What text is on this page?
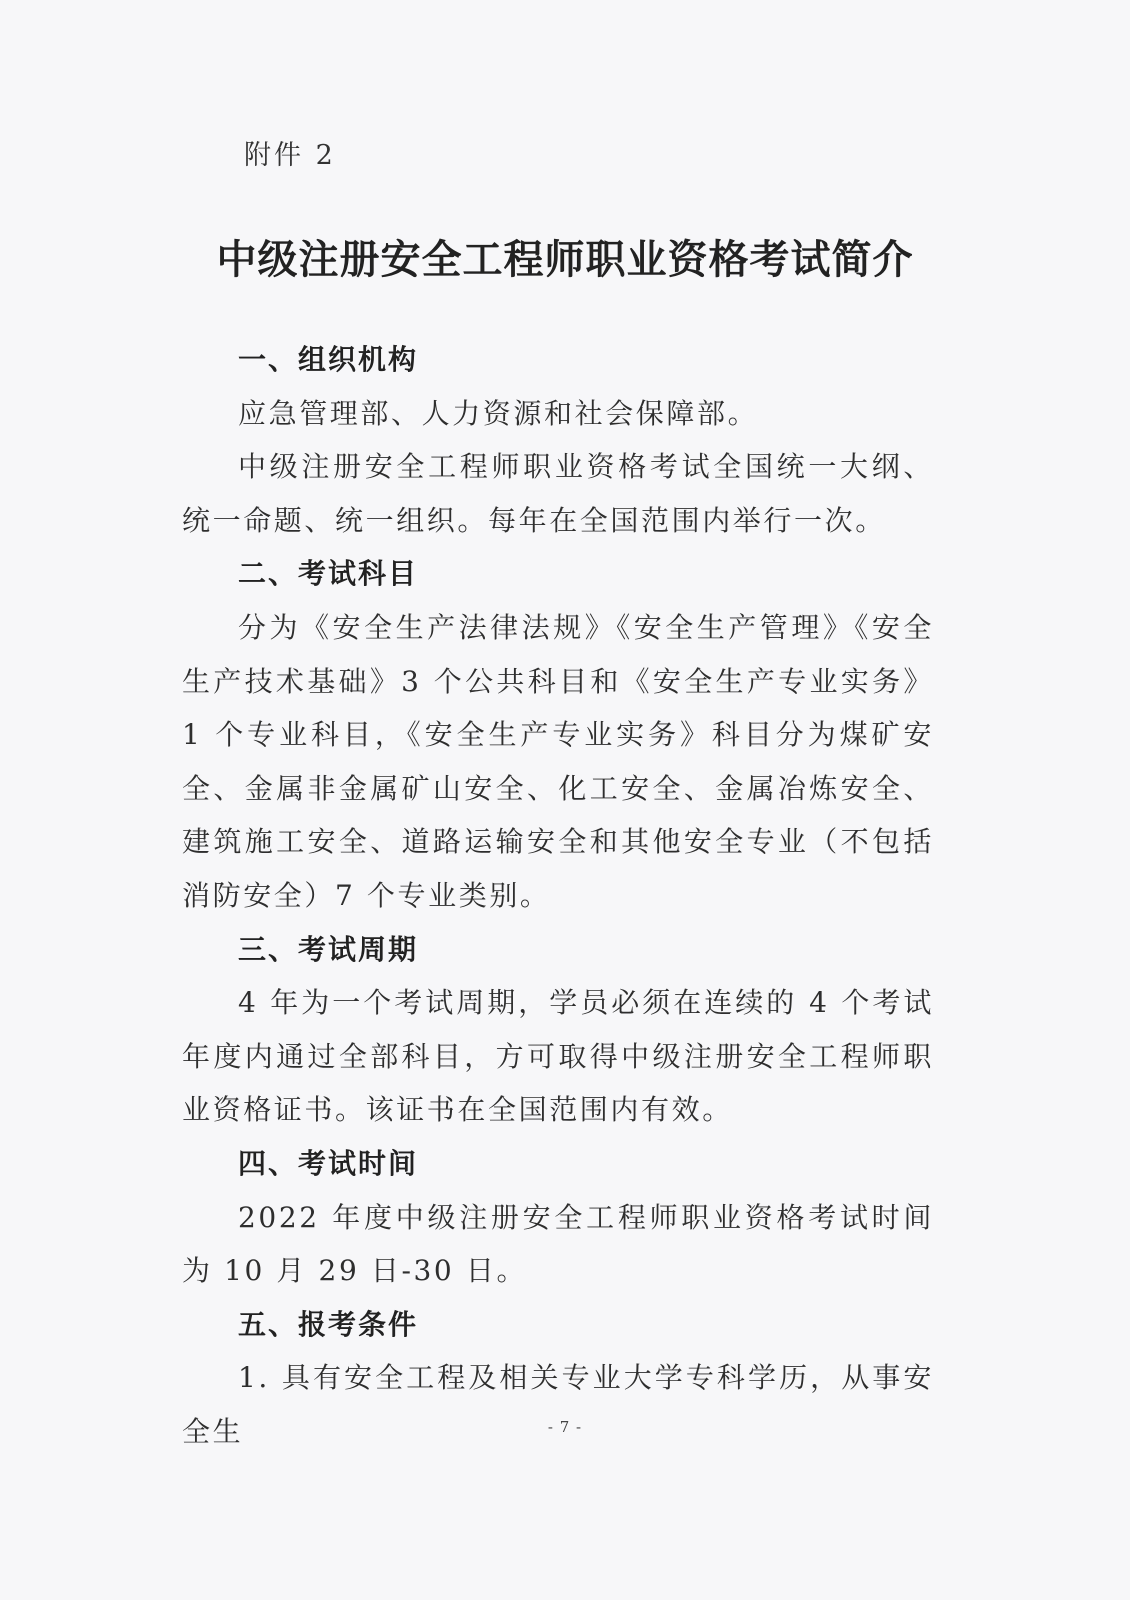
附件 2
中级注册安全工程师职业资格考试简介

一、组织机构

应急管理部、人力资源和社会保障部。

中级注册安全工程师职业资格考试全国统一大纲、统一命题、统一组织。每年在全国范围内举行一次。

二、考试科目

分为《安全生产法律法规》《安全生产管理》《安全生产技术基础》3 个公共科目和《安全生产专业实务》1 个专业科目，《安全生产专业实务》科目分为煤矿安全、金属非金属矿山安全、化工安全、金属冶炼安全、建筑施工安全、道路运输安全和其他安全专业（不包括消防安全）7 个专业类别。

三、考试周期

4 年为一个考试周期，学员必须在连续的 4 个考试年度内通过全部科目，方可取得中级注册安全工程师职业资格证书。该证书在全国范围内有效。

四、考试时间

2022 年度中级注册安全工程师职业资格考试时间为 10 月 29 日-30 日。

五、报考条件

1. 具有安全工程及相关专业大学专科学历，从事安全生	- 7 -
